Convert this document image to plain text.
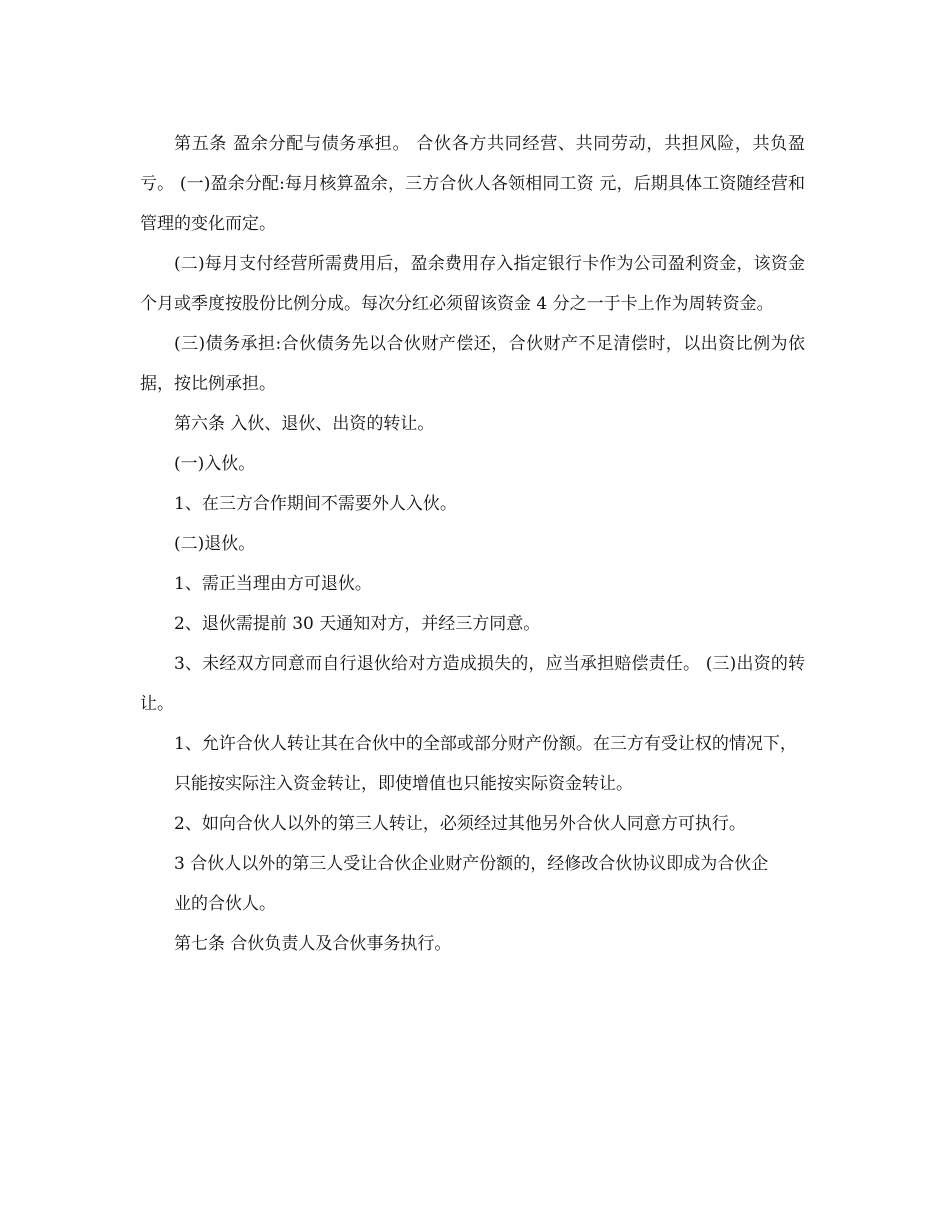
第五条 盈余分配与债务承担。 合伙各方共同经营、共同劳动，共担风险，共负盈亏。 (一)盈余分配:每月核算盈余，三方合伙人各领相同工资 元，后期具体工资随经营和管理的变化而定。

(二)每月支付经营所需费用后，盈余费用存入指定银行卡作为公司盈利资金，该资金 个月或季度按股份比例分成。每次分红必须留该资金 4 分之一于卡上作为周转资金。

(三)债务承担:合伙债务先以合伙财产偿还，合伙财产不足清偿时，以出资比例为依据，按比例承担。

第六条 入伙、退伙、出资的转让。

(一)入伙。

1、在三方合作期间不需要外人入伙。

(二)退伙。

1、需正当理由方可退伙。

2、退伙需提前 30 天通知对方，并经三方同意。

3、未经双方同意而自行退伙给对方造成损失的，应当承担赔偿责任。 (三)出资的转让。

1、允许合伙人转让其在合伙中的全部或部分财产份额。在三方有受让权的情况下，

只能按实际注入资金转让，即使增值也只能按实际资金转让。

2、如向合伙人以外的第三人转让，必须经过其他另外合伙人同意方可执行。

3 合伙人以外的第三人受让合伙企业财产份额的，经修改合伙协议即成为合伙企

业的合伙人。

第七条 合伙负责人及合伙事务执行。
